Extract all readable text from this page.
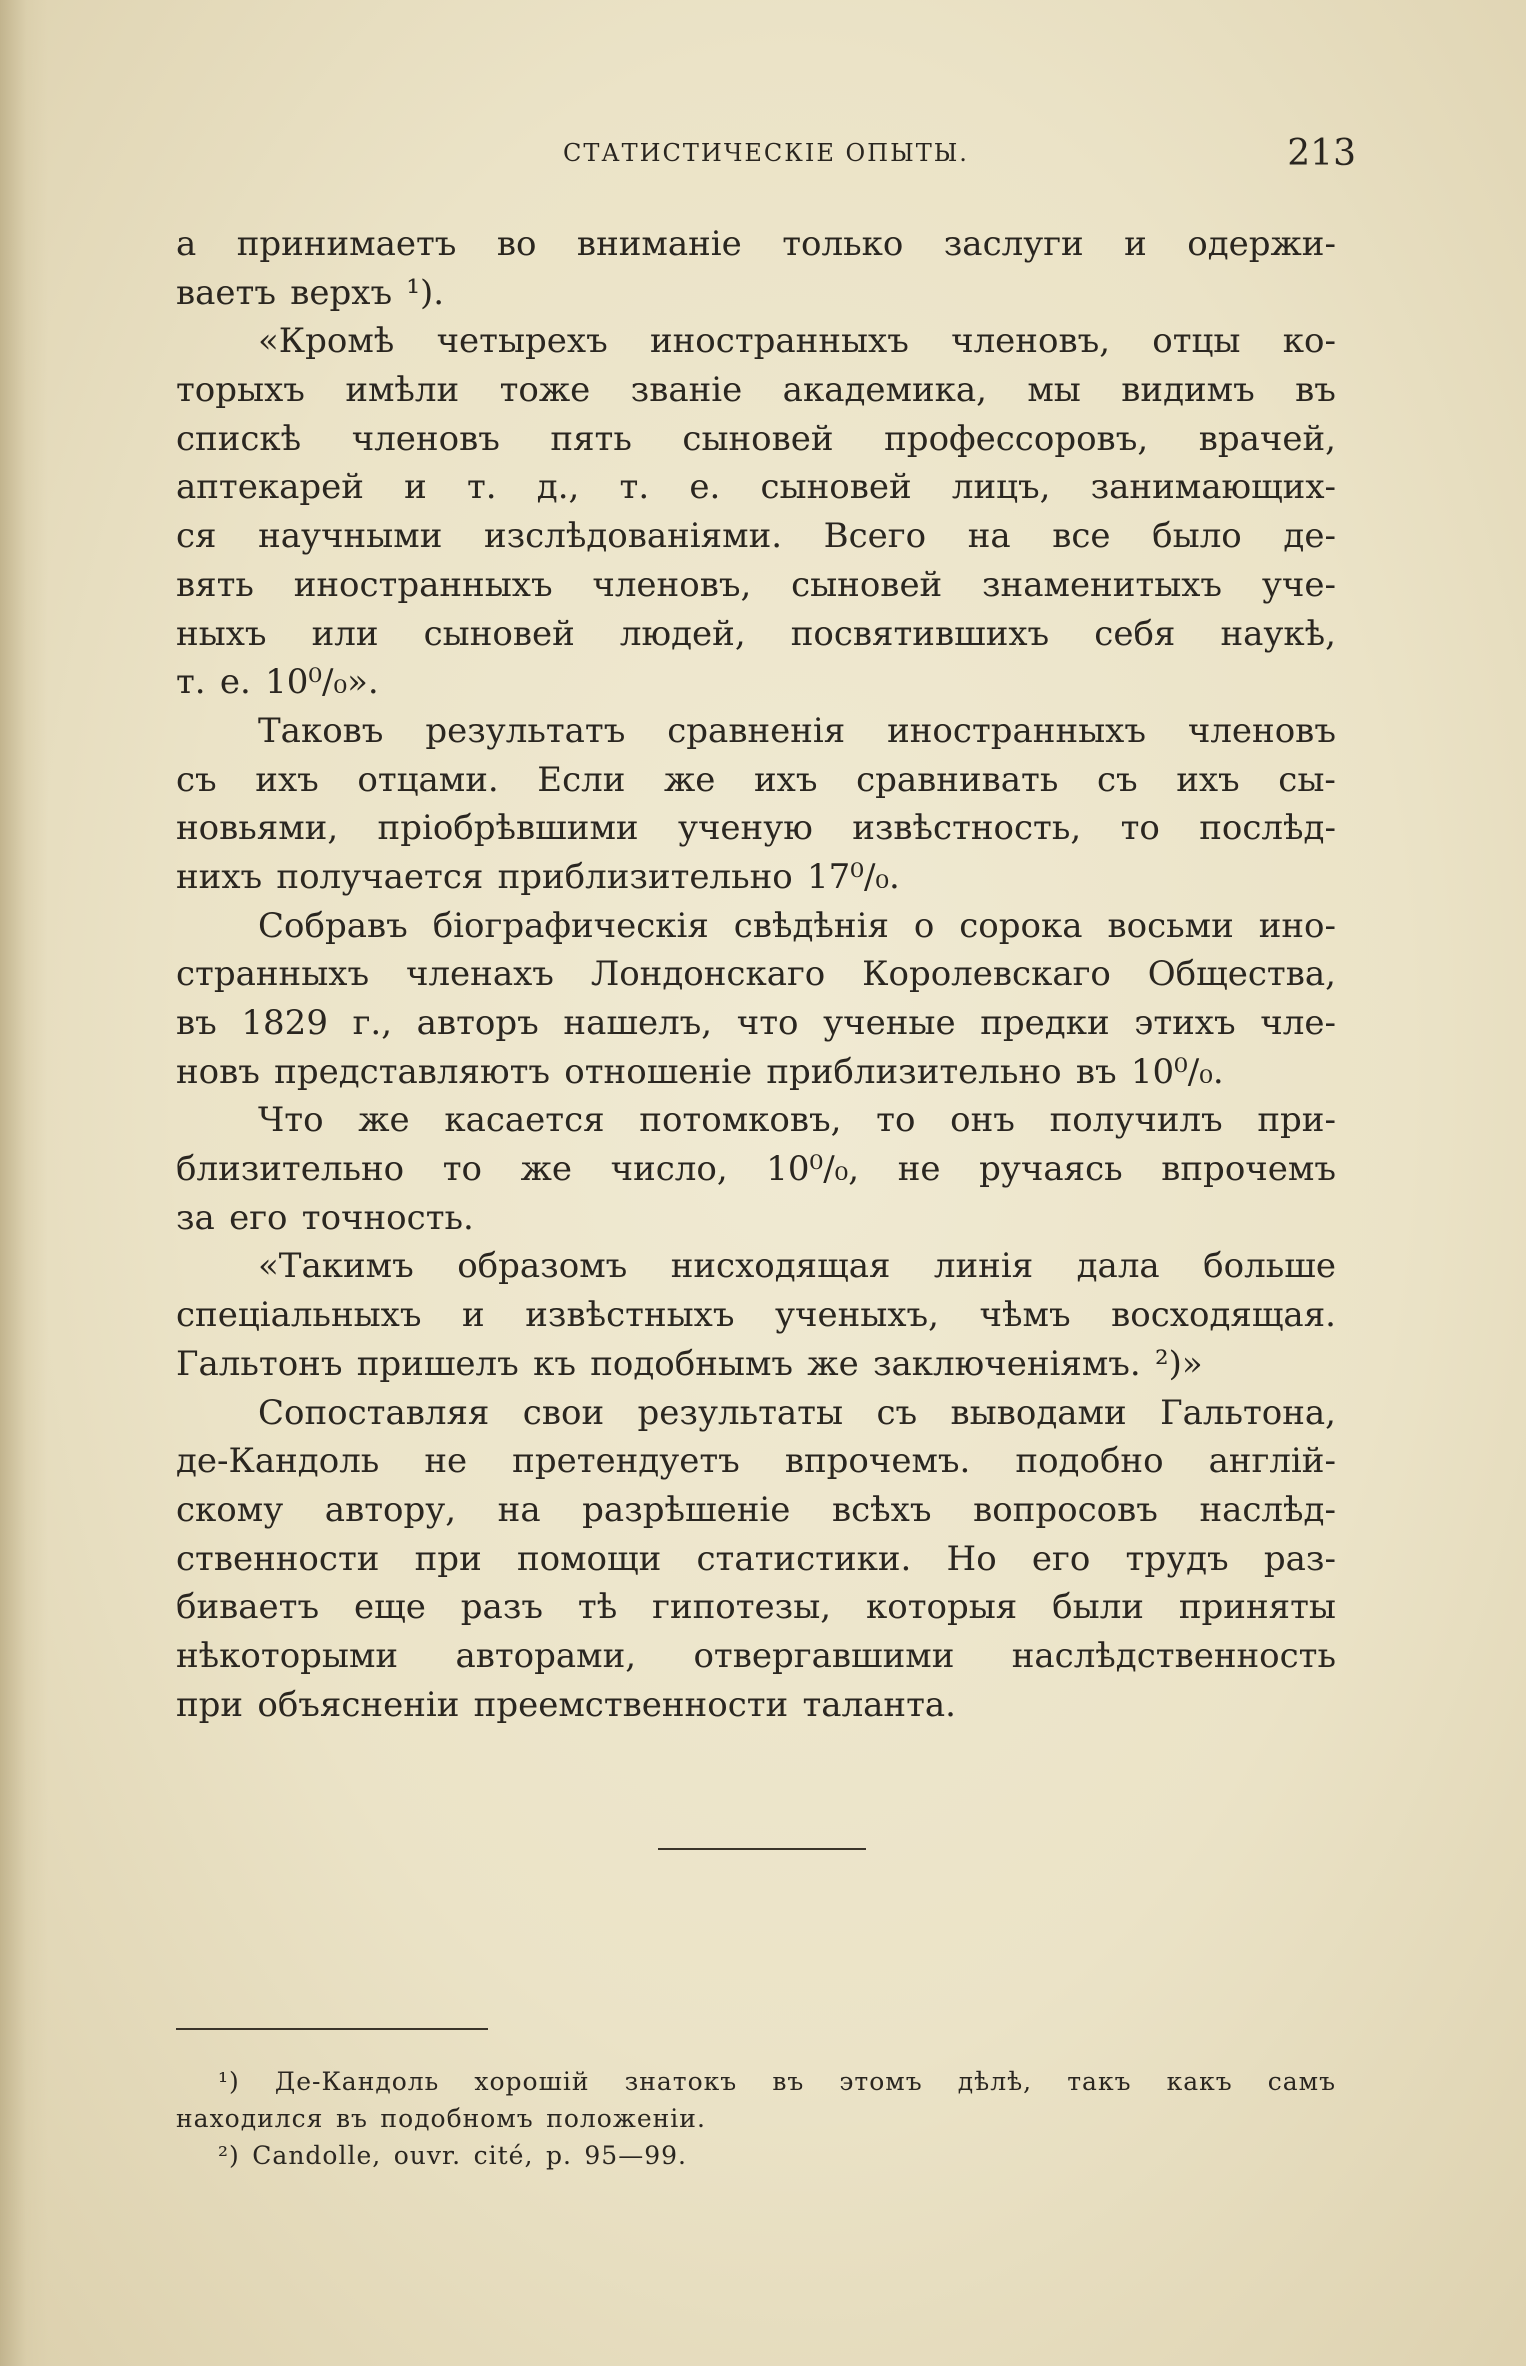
СТАТИСТИЧЕСКІЕ ОПЫТЫ.	213
а принимаетъ во вниманіе только заслуги и одержи-
ваетъ верхъ ¹).
«Кромѣ четырехъ иностранныхъ членовъ, отцы ко-
торыхъ имѣли тоже званіе академика, мы видимъ въ
спискѣ членовъ пять сыновей профессоровъ, врачей,
аптекарей и т. д., т. е. сыновей лицъ, занимающих-
ся научными изслѣдованіями. Всего на все было де-
вять иностранныхъ членовъ, сыновей знаменитыхъ уче-
ныхъ или сыновей людей, посвятившихъ себя наукѣ,
т. е. 10⁰/₀».
Таковъ результатъ сравненія иностранныхъ членовъ
съ ихъ отцами. Если же ихъ сравнивать съ ихъ сы-
новьями, пріобрѣвшими ученую извѣстность, то послѣд-
нихъ получается приблизительно 17⁰/₀.
Собравъ біографическія свѣдѣнія о сорока восьми ино-
странныхъ членахъ Лондонскаго Королевскаго Общества,
въ 1829 г., авторъ нашелъ, что ученые предки этихъ чле-
новъ представляютъ отношеніе приблизительно въ 10⁰/₀.
Что же касается потомковъ, то онъ получилъ при-
близительно то же число, 10⁰/₀, не ручаясь впрочемъ
за его точность.
«Такимъ образомъ нисходящая линія дала больше
спеціальныхъ и извѣстныхъ ученыхъ, чѣмъ восходящая.
Гальтонъ пришелъ къ подобнымъ же заключеніямъ. ²)»
Сопоставляя свои результаты съ выводами Гальтона,
де-Кандоль не претендуетъ впрочемъ. подобно англій-
скому автору, на разрѣшеніе всѣхъ вопросовъ наслѣд-
ственности при помощи статистики. Но его трудъ раз-
биваетъ еще разъ тѣ гипотезы, которыя были приняты
нѣкоторыми авторами, отвергавшими наслѣдственность
при объясненіи преемственности таланта.
¹) Де-Кандоль хорошій знатокъ въ этомъ дѣлѣ, такъ какъ самъ
находился въ подобномъ положеніи.
²) Candolle, ouvr. cité, p. 95—99.
